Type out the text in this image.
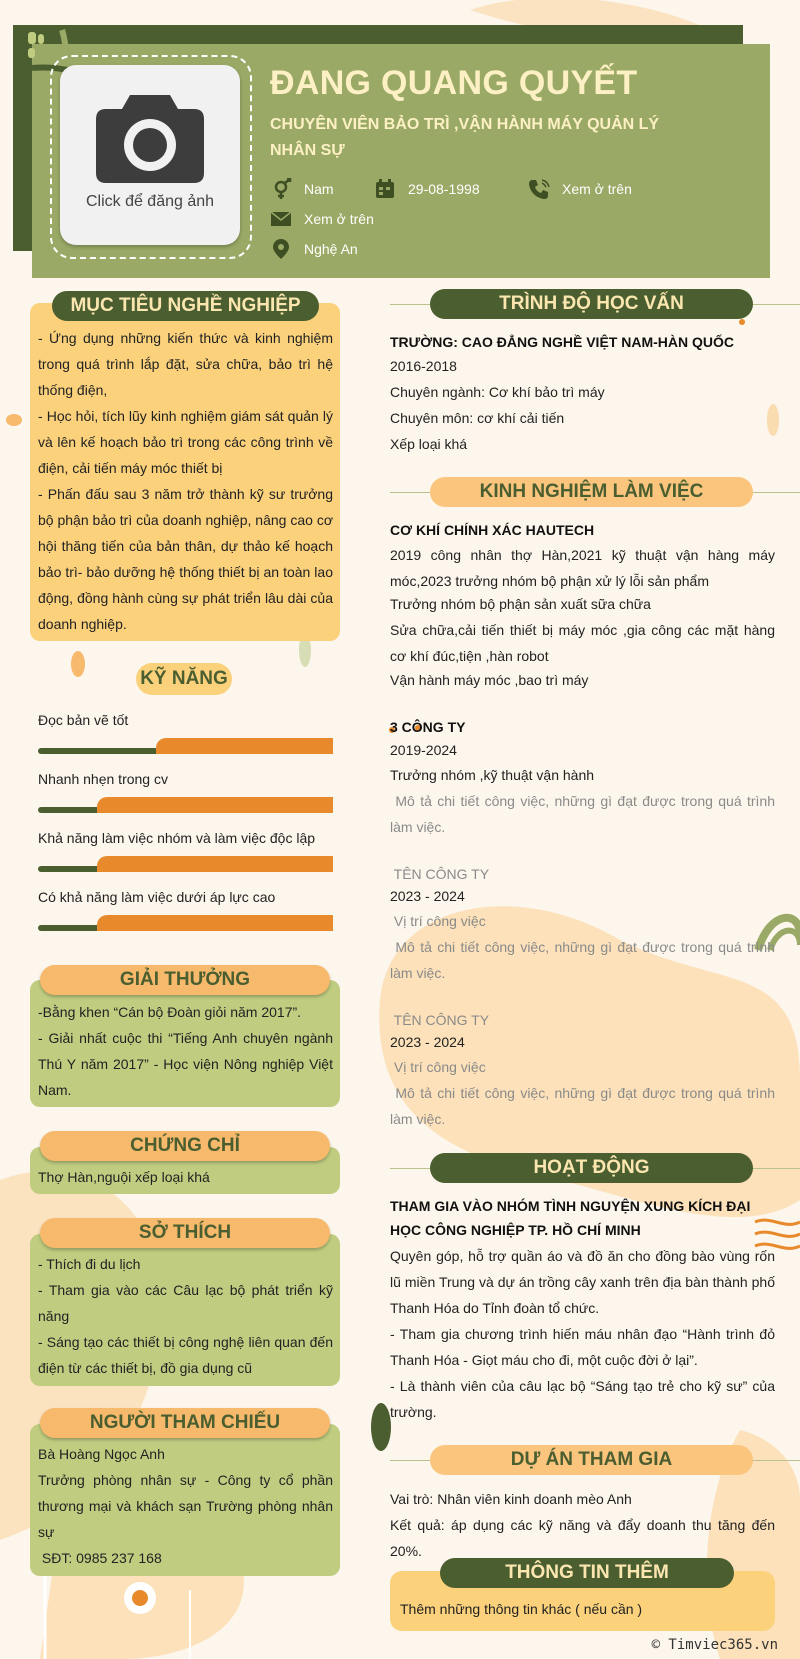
Click để đăng ảnh
ĐANG QUANG QUYẾT
CHUYÊN VIÊN BẢO TRÌ ,VẬN HÀNH MÁY QUẢN LÝ NHÂN SỰ
Nam	29-08-1998	Xem ở trên
Xem ở trên
Nghệ An
MỤC TIÊU NGHỀ NGHIỆP
- Ứng dụng những kiến thức và kinh nghiệm trong quá trình lắp đặt, sửa chữa, bảo trì hệ thống điện,
- Học hỏi, tích lũy kinh nghiệm giám sát quản lý và lên kế hoạch bảo trì trong các công trình về điện, cải tiến máy móc thiết bị
- Phấn đấu sau 3 năm trở thành kỹ sư trưởng bộ phận bảo trì của doanh nghiệp, nâng cao cơ hội thăng tiến của bản thân, dự thảo kế hoạch bảo trì- bảo dưỡng hệ thống thiết bị an toàn lao động, đồng hành cùng sự phát triển lâu dài của doanh nghiệp.
KỸ NĂNG
Đọc bản vẽ tốt
Nhanh nhẹn trong cv
Khả năng làm việc nhóm và làm việc độc lập
Có khả năng làm việc dưới áp lực cao
GIẢI THƯỞNG
-Bằng khen “Cán bộ Đoàn giỏi năm 2017”.
- Giải nhất cuộc thi “Tiếng Anh chuyên ngành Thú Y năm 2017” - Học viện Nông nghiệp Việt Nam.
CHỨNG CHỈ
Thợ Hàn,nguội xếp loại khá
SỞ THÍCH
- Thích đi du lịch
- Tham gia vào các Câu lạc bộ phát triển kỹ năng
- Sáng tạo các thiết bị công nghệ liên quan đến điện từ các thiết bị, đồ gia dụng cũ
NGƯỜI THAM CHIẾU
Bà Hoàng Ngọc Anh
Trưởng phòng nhân sự - Công ty cổ phần thương mại và khách sạn Trường phòng nhân sự
SĐT: 0985 237 168
TRÌNH ĐỘ HỌC VẤN
TRƯỜNG: CAO ĐẲNG NGHỀ VIỆT NAM-HÀN QUỐC
2016-2018
Chuyên ngành: Cơ khí bảo trì máy
Chuyên môn: cơ khí cải tiến
Xếp loại khá
KINH NGHIỆM LÀM VIỆC
CƠ KHÍ CHÍNH XÁC HAUTECH
2019 công nhân thợ Hàn,2021 kỹ thuật vận hàng máy móc,2023 trưởng nhóm bộ phận xử lý lỗi sản phẩm
Trưởng nhóm bộ phận sản xuất sữa chữa
Sửa chữa,cải tiến thiết bị máy móc ,gia công các mặt hàng cơ khí đúc,tiện ,hàn robot
Vận hành máy móc ,bao trì máy
3 CÔNG TY
2019-2024
Trưởng nhóm ,kỹ thuật vận hành
Mô tả chi tiết công việc, những gì đạt được trong quá trình làm việc.
TÊN CÔNG TY
2023 - 2024
Vị trí công việc
Mô tả chi tiết công việc, những gì đạt được trong quá trình làm việc.
TÊN CÔNG TY
2023 - 2024
Vị trí công việc
Mô tả chi tiết công việc, những gì đạt được trong quá trình làm việc.
HOẠT ĐỘNG
THAM GIA VÀO NHÓM TÌNH NGUYỆN XUNG KÍCH ĐẠI HỌC CÔNG NGHIỆP TP. HỒ CHÍ MINH
Quyên góp, hỗ trợ quần áo và đồ ăn cho đồng bào vùng rốn lũ miền Trung và dự án trồng cây xanh trên địa bàn thành phố Thanh Hóa do Tỉnh đoàn tổ chức.
- Tham gia chương trình hiến máu nhân đạo “Hành trình đỏ Thanh Hóa - Giọt máu cho đi, một cuộc đời ở lại”.
- Là thành viên của câu lạc bộ “Sáng tạo trẻ cho kỹ sư” của trường.
DỰ ÁN THAM GIA
Vai trò: Nhân viên kinh doanh mèo Anh
Kết quả: áp dụng các kỹ năng và đẩy doanh thu tăng đến 20%.
THÔNG TIN THÊM
Thêm những thông tin khác ( nếu cần )
© Timviec365.vn
